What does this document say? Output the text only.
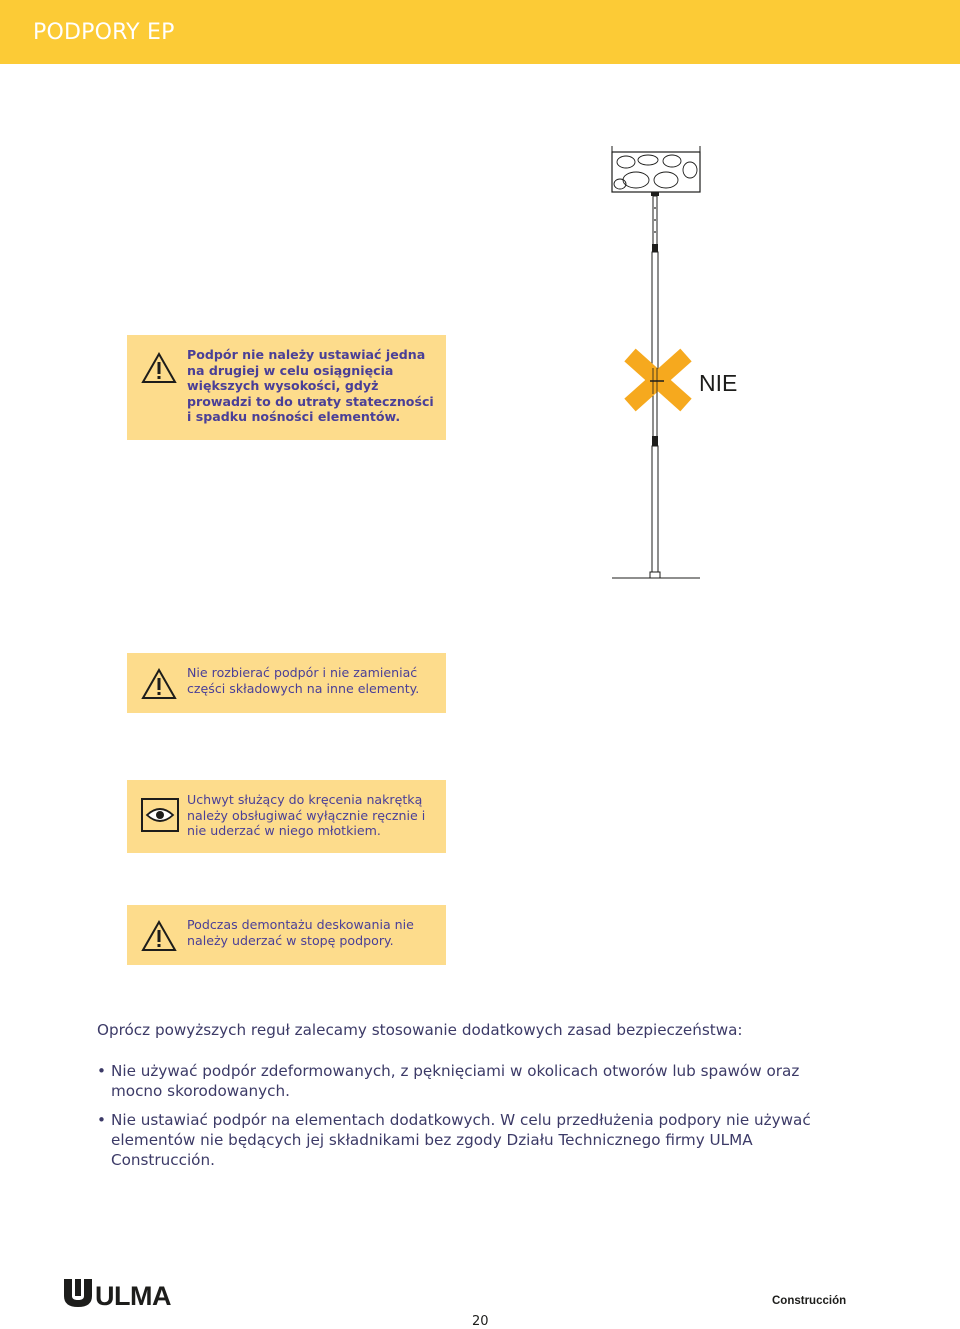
PODPORY EP
Podpór nie należy ustawiać jedna na drugiej w celu osiągnięcia większych wysokości, gdyż prowadzi to do utraty stateczności i spadku nośności elementów.
Nie rozbierać podpór i nie zamieniać części składowych na inne elementy.
Uchwyt służący do kręcenia nakrętką należy obsługiwać wyłącznie ręcznie i nie uderzać w niego młotkiem.
Podczas demontażu deskowania nie należy uderzać w stopę podpory.
NIE
Oprócz powyższych reguł zalecamy stosowanie dodatkowych zasad bezpieczeństwa:
• Nie używać podpór zdeformowanych, z pęknięciami w okolicach otworów lub spawów oraz mocno skorodowanych.
• Nie ustawiać podpór na elementach dodatkowych. W celu przedłużenia podpory nie używać elementów nie będących jej składnikami bez zgody Działu Technicznego firmy ULMA Construcción.
ULMA	Construcción
20
